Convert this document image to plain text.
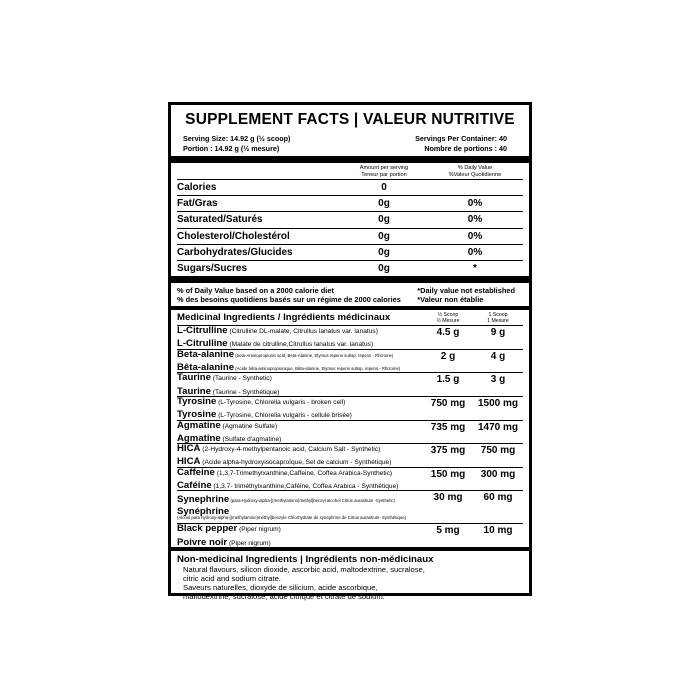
SUPPLEMENT FACTS | VALEUR NUTRITIVE
Serving Size: 14.92 g (½ scoop)	Servings Per Container: 40
Portion : 14.92 g (½ mesure)	Nombre de portions : 40
Amount per serving
Teneur par portion
% Daily Value
%Valeur Quotidienne
Calories	0
Fat/Gras	0g	0%
Saturated/Saturés	0g	0%
Cholesterol/Cholestérol	0g	0%
Carbohydrates/Glucides	0g	0%
Sugars/Sucres	0g	*
% of Daily Value based on a 2000 calorie diet
% des besoins quotidiens basés sur un régime de 2000 calories
*Daily value not established
*Valeur non établie
Medicinal Ingredients / Ingrédients médicinaux	½ Scoop
½ Mesure
1 Scoop
1 Mesure
L-Citrulline (Citrulline DL-malate, Citrullus lanatus var. lanatus)
L-Citrulline (Malate de citrulline,Citrullus lanatus var. lanatus)
4.5 g	9 g
Beta-alanine (beta-Aminopropionic acid, Beta-Alanine, Elymus repens subsp. repens - Rhizome)
Bêta-alanine (Acide bêta-aminopropionique, Bêta-alanine, Elymus repens subsp. repens - Rhizome)
2 g	4 g
Taurine (Taurine - Synthetic)
Taurine (Taurine - Synthétique)
1.5 g	3 g
Tyrosine (L-Tyrosine, Chlorella vulgaris - broken cell)
Tyrosine (L-Tyrosine, Chlorella vulgaris - cellule brisée)
750 mg	1500 mg
Agmatine (Agmatine Sulfate)
Agmatine (Sulfate d'agmatine)
735 mg	1470 mg
HICA (2-Hydroxy-4-methylpentanoic acid, Calcium Salt - Synthetic)
HICA (Acide alpha-hydroxyisocaproïque, Sel de calcium - Synthétique)
375 mg	750 mg
Caffeine (1,3,7-Trimethylxanthine,Caffeine, Coffea Arabica-Synthetic)
Caféine (1,3,7- triméthylxanthine,Caféine, Coffea Arabica - Synthétique)
150 mg	300 mg
Synephrine (para-Hydroxy-alpha-[(methylamino)methyl]benzyl alcohol Citrus aurantium -Synthetic)
Synéphrine
(Alcool para hydroxy-alpha-[(méthylamino)méthyl]benzyle Chlorhydrate de synéphrine de Citrus aurantium- Synthétique)
30 mg	60 mg
Black pepper (Piper nigrum)
Poivre noir (Piper nigrum)
5 mg	10 mg
Non-medicinal Ingredients | Ingrédients non-médicinaux
Natural flavours, silicon dioxide, ascorbic acid, maltodextrine, sucralose,
citric acid and sodium citrate.
Saveurs naturelles, dioxyde de silicium, acide ascorbique,
maltodextrine, sucralose, acide citrique et citrate de sodium.
